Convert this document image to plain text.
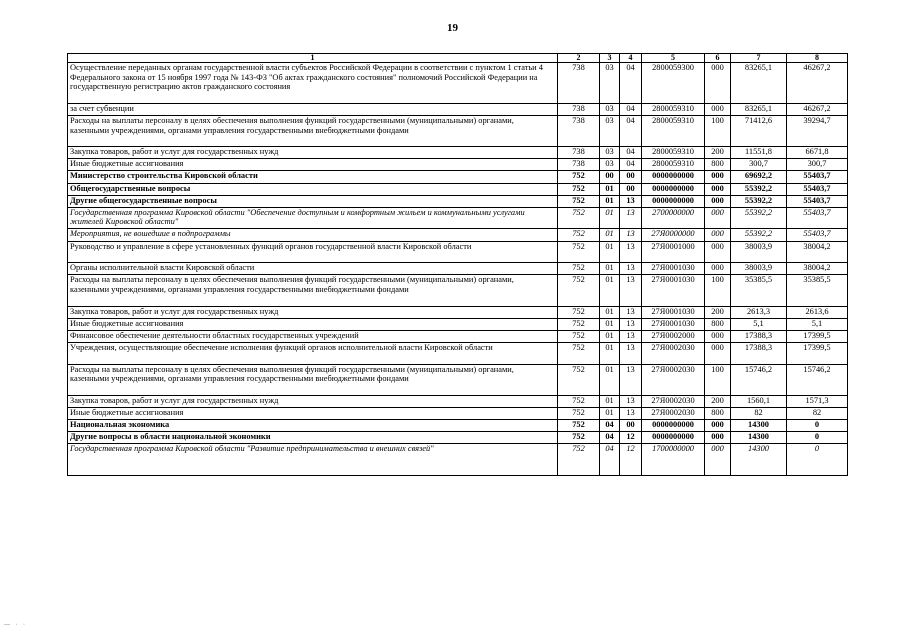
19
1	2	3	4	5	6	7	8
Осуществление переданных органам государственной власти субъектов Российской Федерации в соответствии с пунктом 1 статьи 4 Федерального закона от 15 ноября 1997 года № 143-ФЗ "Об актах гражданского состояния" полномочий Российской Федерации на государственную регистрацию актов гражданского состояния	738	03	04	2800059300	000	83265,1	46267,2
за счет субвенции	738	03	04	2800059310	000	83265,1	46267,2
Расходы на выплаты персоналу в целях обеспечения выполнения функций государственными (муниципальными) органами, казенными учреждениями, органами управления государственными внебюджетными фондами	738	03	04	2800059310	100	71412,6	39294,7
Закупка товаров, работ и услуг для государственных нужд	738	03	04	2800059310	200	11551,8	6671,8
Иные бюджетные ассигнования	738	03	04	2800059310	800	300,7	300,7
Министерство строительства Кировской области	752	00	00	0000000000	000	69692,2	55403,7
Общегосударственные вопросы	752	01	00	0000000000	000	55392,2	55403,7
Другие общегосударственные вопросы	752	01	13	0000000000	000	55392,2	55403,7
Государственная программа Кировской области "Обеспечение доступным и комфортным жильем и коммунальными услугами жителей Кировской области"	752	01	13	2700000000	000	55392,2	55403,7
Мероприятия, не вошедшие в подпрограммы	752	01	13	27Я0000000	000	55392,2	55403,7
Руководство и управление в сфере установленных функций органов государственной власти Кировской области	752	01	13	27Я0001000	000	38003,9	38004,2
Органы исполнительной власти Кировской области	752	01	13	27Я0001030	000	38003,9	38004,2
Расходы на выплаты персоналу в целях обеспечения выполнения функций государственными (муниципальными) органами, казенными учреждениями, органами управления государственными внебюджетными фондами	752	01	13	27Я0001030	100	35385,5	35385,5
Закупка товаров, работ и услуг для государственных нужд	752	01	13	27Я0001030	200	2613,3	2613,6
Иные бюджетные ассигнования	752	01	13	27Я0001030	800	5,1	5,1
Финансовое обеспечение деятельности областных государственных учреждений	752	01	13	27Я0002000	000	17388,3	17399,5
Учреждения, осуществляющие обеспечение исполнения функций органов исполнительной власти Кировской области	752	01	13	27Я0002030	000	17388,3	17399,5
Расходы на выплаты персоналу в целях обеспечения выполнения функций государственными (муниципальными) органами, казенными учреждениями, органами управления государственными внебюджетными фондами	752	01	13	27Я0002030	100	15746,2	15746,2
Закупка товаров, работ и услуг для государственных нужд	752	01	13	27Я0002030	200	1560,1	1571,3
Иные бюджетные ассигнования	752	01	13	27Я0002030	800	82	82
Национальная экономика	752	04	00	0000000000	000	14300	0
Другие вопросы в области национальной экономики	752	04	12	0000000000	000	14300	0
Государственная программа Кировской области "Развитие предпринимательства и внешних связей"	752	04	12	1700000000	000	14300	0
— · ·
